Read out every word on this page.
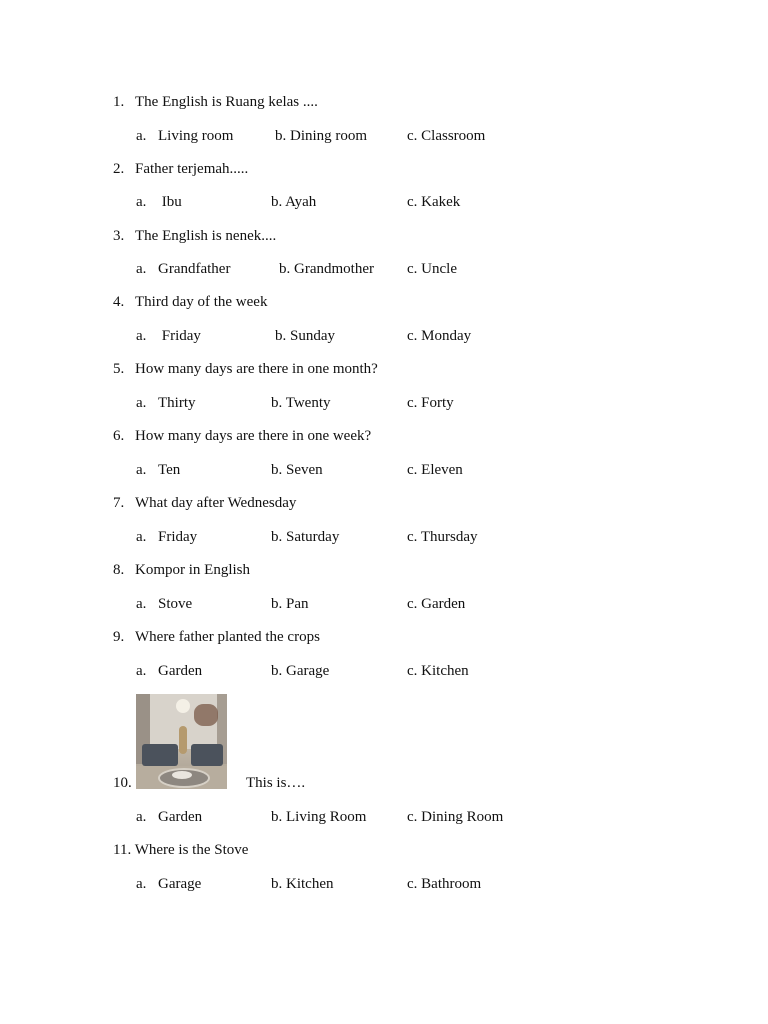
1. The English is Ruang kelas ....
a. Living room	b. Dining room	c. Classroom
2. Father terjemah.....
a. Ibu	b. Ayah	c. Kakek
3. The English is nenek....
a. Grandfather	b. Grandmother c. Uncle
4. Third day of the week
a. Friday	b. Sunday	c. Monday
5. How many days are there in one month?
a. Thirty	b. Twenty	c. Forty
6. How many days are there in one week?
a. Ten	b. Seven	c. Eleven
7. What day after Wednesday
a. Friday	b. Saturday	c. Thursday
8. Kompor in English
a. Stove	b. Pan	c. Garden
9. Where father planted the crops
a. Garden	b. Garage	c. Kitchen
10.	This is….
a. Garden	b. Living Room	c. Dining Room
11. Where is the Stove
a. Garage	b. Kitchen	c. Bathroom
